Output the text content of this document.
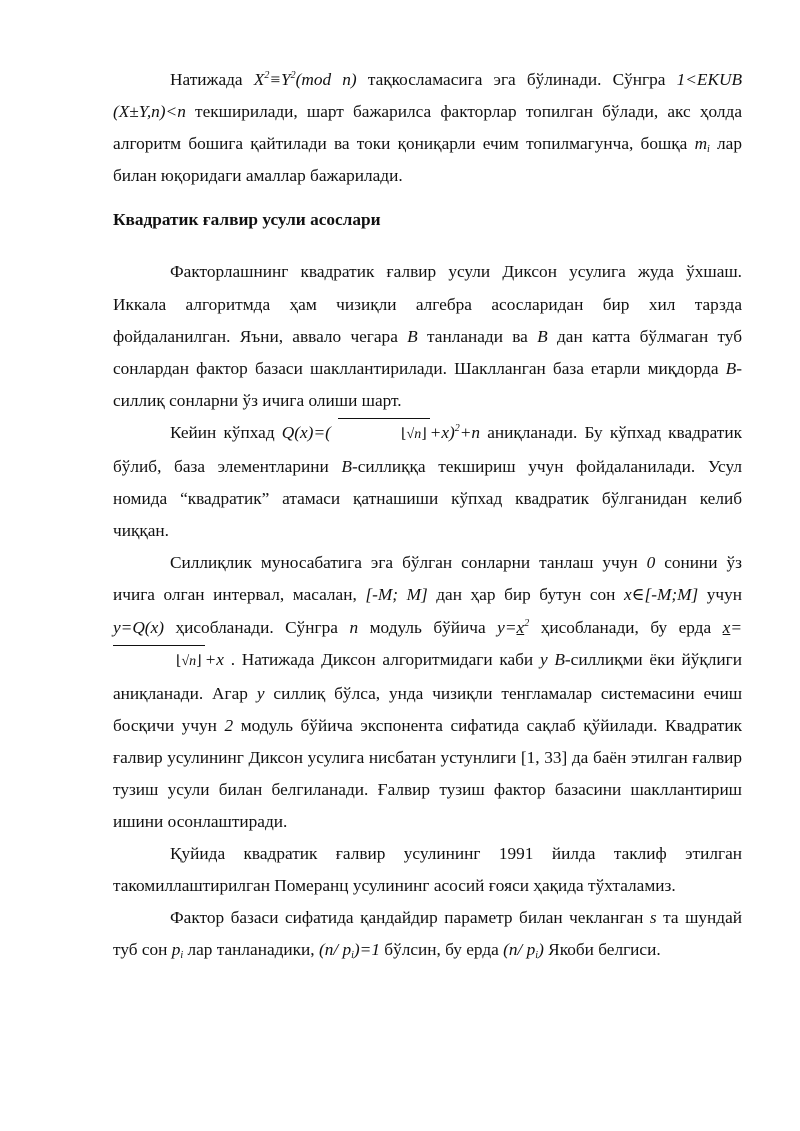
Натижада $X^2\equiv Y^2(mod$ n) тақкосламасига эга бўлинади. Сўнгра 1<EKUB (X±Y,n)<n текширилади, шарт бажарилса факторлар топилган бўлади, акс ҳолда алгоритм бошига қайтилади ва токи қониқарли ечим топилмагунча, бошқа $m_i$ лар билан юқоридаги амаллар бажарилади.

Квадратик ғалвир усули асослари

Факторлашнинг квадратик ғалвир усули Диксон усулига жуда ўхшаш. Иккала алгоритмда ҳам чизиқли алгебра асосларидан бир хил тарзда фойдаланилган. Яъни, аввало чегара B танланади ва B дан катта бўлмаган туб сонлардан фактор базаси шакллантирилади. Шаклланган база етарли миқдорда B-силлиқ сонларни ўз ичига олиши шарт.

Кейин кўпхад Q(x)=(	⌊√n⌋ +x)$^2$+n аниқланади. Бу кўпхад квадратик бўлиб, база элементларини B-силлиққа текшириш учун фойдаланилади. Усул номида “квадратик” атамаси қатнашиши кўпхад квадратик бўлганидан келиб чиққан.

Силлиқлик муносабатига эга бўлган сонларни танлаш учун 0 сонини ўз ичига олган интервал, масалан, [-M; M] дан ҳар бир бутун сон x∈[-M;M] учун y=Q(x) ҳисобланади. Сўнгра n модуль бўйича $y=x^2$ ҳисобланади, бу ерда x=
⌊√n⌋ +x . Натижада Диксон алгоритмидаги каби y B-силлиқми ёки йўқлиги аниқланади. Агар y силлиқ бўлса, унда чизиқли тенгламалар системасини ечиш босқичи учун 2 модуль бўйича экспонента сифатида сақлаб қўйилади. Квадратик ғалвир усулининг Диксон усулига нисбатан устунлиги [1, 33] да баён этилган ғалвир тузиш усули билан белгиланади. Ғалвир тузиш фактор базасини шакллантириш ишини осонлаштиради.

Қуйида квадратик ғалвир усулининг 1991 йилда таклиф этилган такомиллаштирилган Померанц усулининг асосий ғояси ҳақида тўхталамиз.

Фактор базаси сифатида қандайдир параметр билан чекланган s та шундай туб сон $p_i$ лар танланадики, (n/ $p_i)=1$ бўлсин, бу ерда (n/ $p_i$) Якоби белгиси.
